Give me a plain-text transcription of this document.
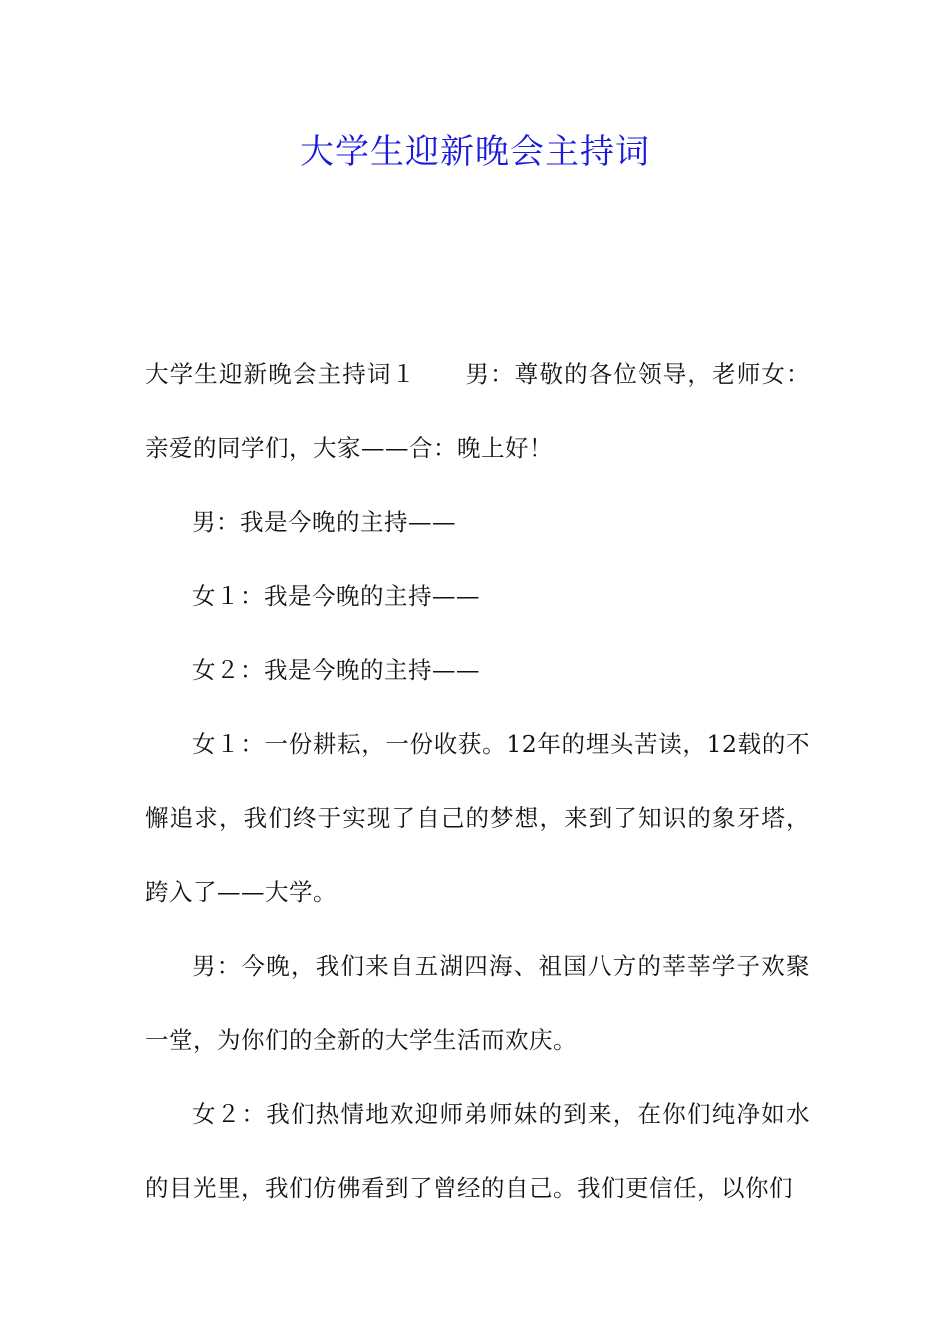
大学生迎新晚会主持词

大学生迎新晚会主持词１　　男：尊敬的各位领导，老师女：亲爱的同学们，大家——合：晚上好！

男：我是今晚的主持——

女１：我是今晚的主持——

女２：我是今晚的主持——

女１：一份耕耘，一份收获。12年的埋头苦读，12载的不懈追求，我们终于实现了自己的梦想，来到了知识的象牙塔，跨入了——大学。

男：今晚，我们来自五湖四海、祖国八方的莘莘学子欢聚一堂，为你们的全新的大学生活而欢庆。

女２：我们热情地欢迎师弟师妹的到来，在你们纯净如水的目光里，我们仿佛看到了曾经的自己。我们更信任，以你们
